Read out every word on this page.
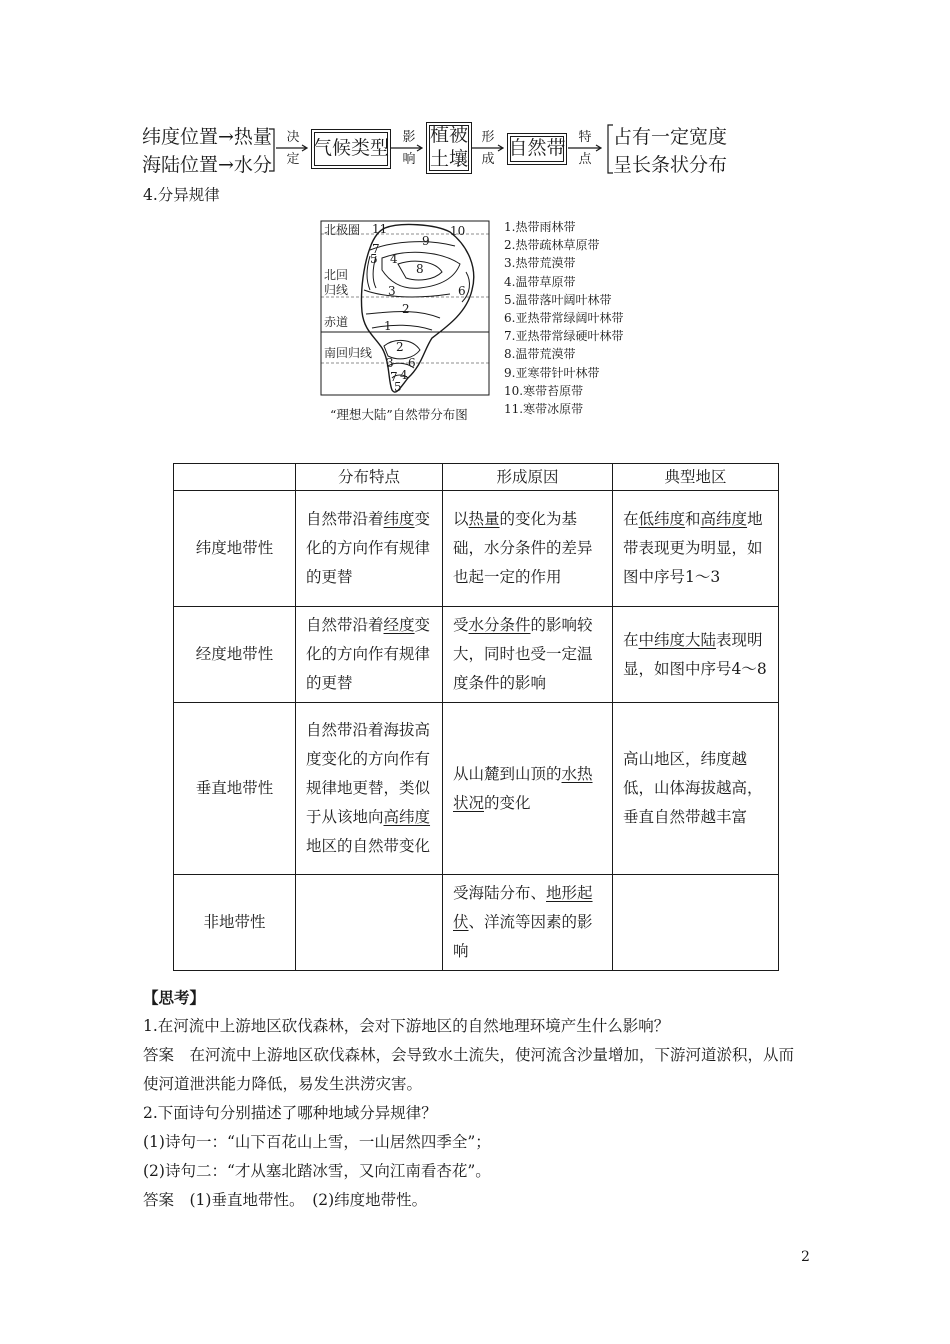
纬度位置→热量
海陆位置→水分
决
定
气候类型 影
响
植被
土壤
形
成
自然带 特
点
占有一定宽度
呈长条状分布
4.分异规律
北极圈
北回
归线
赤道
南回归线
11	10
9
7
5 4
8
6
3
2
1
2
3 6
7 4
5
1.热带雨林带
2.热带疏林草原带
3.热带荒漠带
4.温带草原带
5.温带落叶阔叶林带
6.亚热带常绿阔叶林带
7.亚热带常绿硬叶林带
8.温带荒漠带
9.亚寒带针叶林带
10.寒带苔原带
11.寒带冰原带
“理想大陆”自然带分布图
	分布特点	形成原因	典型地区
纬度地带性	自然带沿着纬度变化的方向作有规律的更替	以热量的变化为基础，水分条件的差异也起一定的作用	在低纬度和高纬度地带表现更为明显，如图中序号1～3
经度地带性	自然带沿着经度变化的方向作有规律的更替	受水分条件的影响较大，同时也受一定温度条件的影响	在中纬度大陆表现明显，如图中序号4～8
垂直地带性	自然带沿着海拔高度变化的方向作有规律地更替，类似于从该地向高纬度地区的自然带变化	从山麓到山顶的水热状况的变化	高山地区，纬度越低，山体海拔越高，垂直自然带越丰富
非地带性		受海陆分布、地形起伏、洋流等因素的影响	

【思考】

1.在河流中上游地区砍伐森林，会对下游地区的自然地理环境产生什么影响？

答案　在河流中上游地区砍伐森林，会导致水土流失，使河流含沙量增加，下游河道淤积，从而使河道泄洪能力降低，易发生洪涝灾害。

2.下面诗句分别描述了哪种地域分异规律？

(1)诗句一：“山下百花山上雪，一山居然四季全”；

(2)诗句二：“才从塞北踏冰雪，又向江南看杏花”。

答案　(1)垂直地带性。　(2)纬度地带性。

2
